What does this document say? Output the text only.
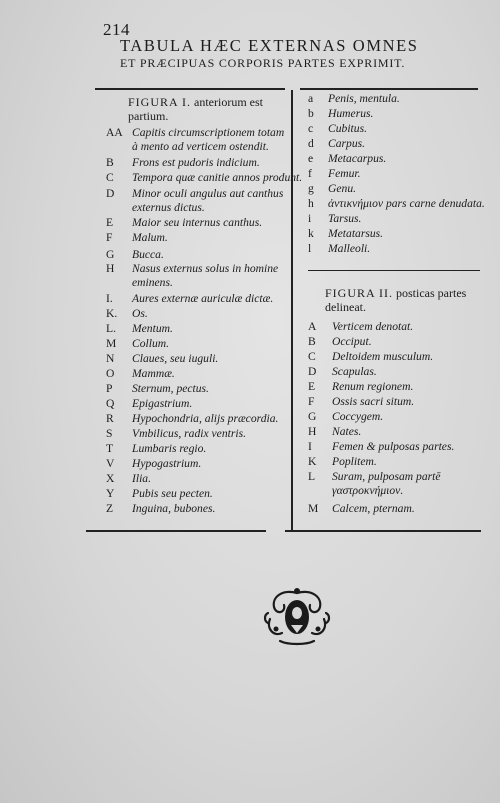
214
TABULA HÆC EXTERNAS OMNES
ET PRÆCIPUAS CORPORIS PARTES EXPRIMIT.
FIGURA I. anteriorum est partium.
AA Capitis circumscriptionem totam à mento ad verticem ostendit.
B Frons est pudoris indicium.
C Tempora quæ canitie annos produnt.
D Minor oculi angulus aut canthus externus dictus.
E Maior seu internus canthus.
F Malum.
G Bucca.
H Nasus externus solus in homine eminens.
I. Aures externæ auriculæ dictæ.
K. Os.
L. Mentum.
M Collum.
N Claues, seu iuguli.
O Mammæ.
P Sternum, pectus.
Q Epigastrium.
R Hypochondria, alijs præcordia.
S Vmbilicus, radix ventris.
T Lumbaris regio.
V Hypogastrium.
X Ilia.
Y Pubis seu pecten.
Z Inguina, bubones.
a Penis, mentula.
b Humerus.
c Cubitus.
d Carpus.
e Metacarpus.
f Femur.
g Genu.
h ἀντικνήμιον pars carne denudata.
i Tarsus.
k Metatarsus.
l Malleoli.
FIGURA II. posticas partes delineat.
A Verticem denotat.
B Occiput.
C Deltoidem musculum.
D Scapulas.
E Renum regionem.
F Ossis sacri situm.
G Coccygem.
H Nates.
I Femen & pulposas partes.
K Poplitem.
L Suram, pulposam partē γαστροκνήμιον.
M Calcem, pternam.
